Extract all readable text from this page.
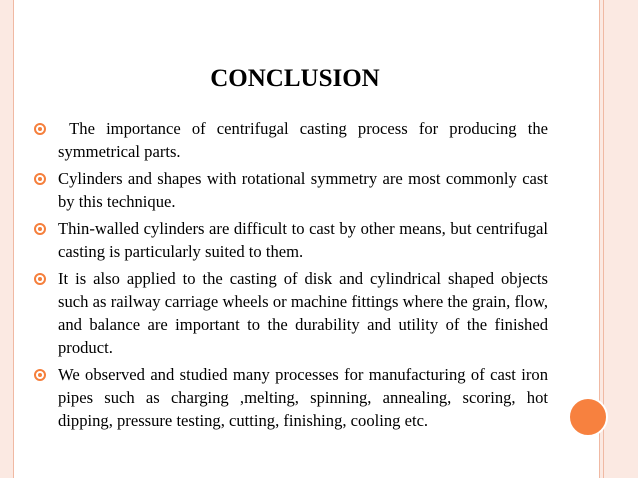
CONCLUSION
The importance of centrifugal casting process for producing the symmetrical parts.
Cylinders and shapes with rotational symmetry are most commonly cast by this technique.
Thin-walled cylinders are difficult to cast by other means, but centrifugal casting is particularly suited to them.
It is also applied to the casting of disk and cylindrical shaped objects such as railway carriage wheels or machine fittings where the grain, flow, and balance are important to the durability and utility of the finished product.
We observed and studied many processes for manufacturing of cast iron pipes such as charging ,melting, spinning, annealing, scoring, hot dipping, pressure testing, cutting, finishing, cooling etc.
